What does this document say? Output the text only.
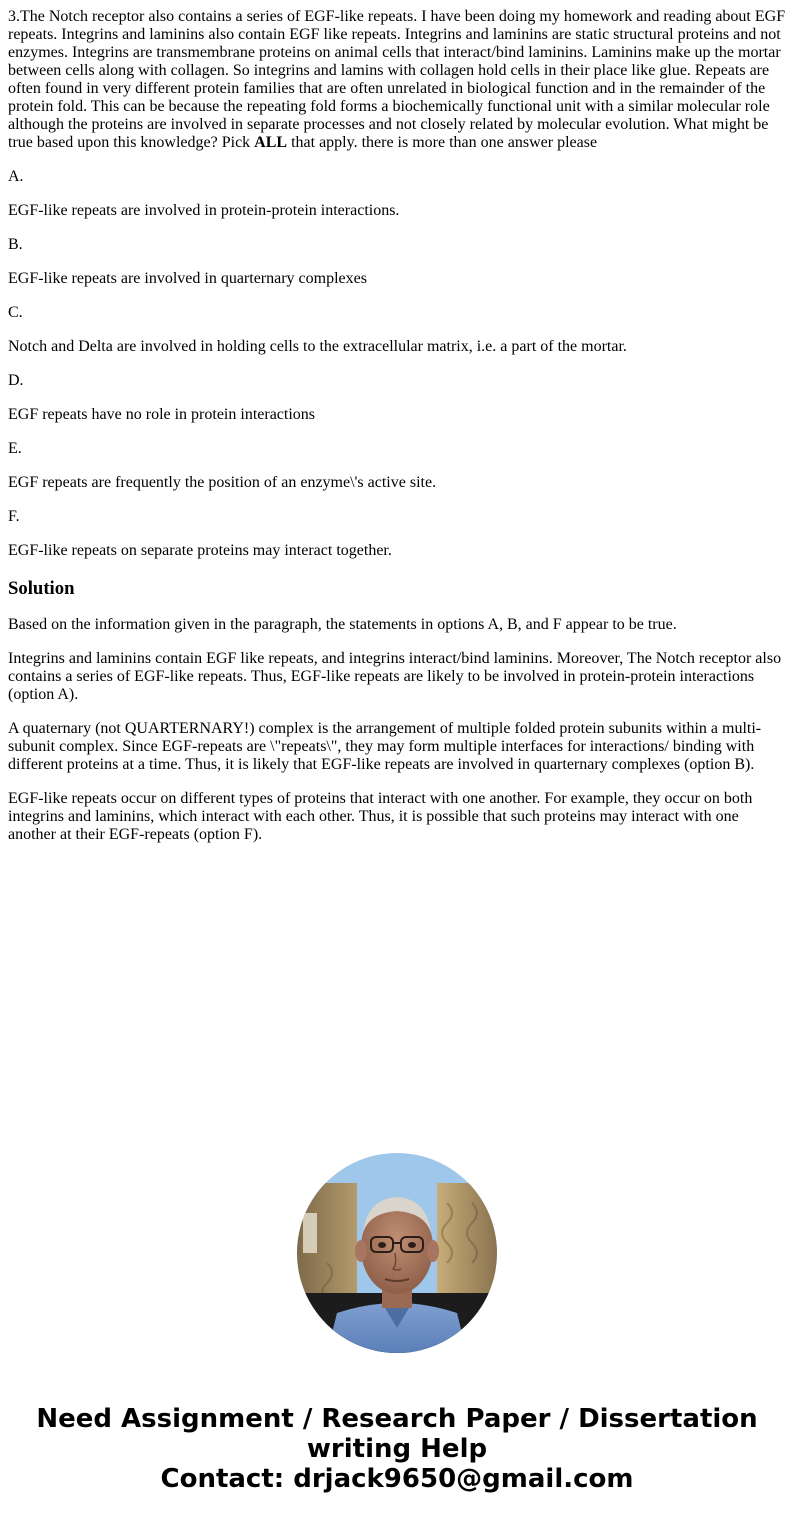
3.The Notch receptor also contains a series of EGF-like repeats. I have been doing my homework and reading about EGF repeats. Integrins and laminins also contain EGF like repeats. Integrins and laminins are static structural proteins and not enzymes. Integrins are transmembrane proteins on animal cells that interact/bind laminins. Laminins make up the mortar between cells along with collagen. So integrins and lamins with collagen hold cells in their place like glue. Repeats are often found in very different protein families that are often unrelated in biological function and in the remainder of the protein fold. This can be because the repeating fold forms a biochemically functional unit with a similar molecular role although the proteins are involved in separate processes and not closely related by molecular evolution. What might be true based upon this knowledge? Pick ALL that apply. there is more than one answer please

A.

EGF-like repeats are involved in protein-protein interactions.

B.

EGF-like repeats are involved in quarternary complexes

C.

Notch and Delta are involved in holding cells to the extracellular matrix, i.e. a part of the mortar.

D.

EGF repeats have no role in protein interactions

E.

EGF repeats are frequently the position of an enzyme\'s active site.

F.

EGF-like repeats on separate proteins may interact together.

Solution

Based on the information given in the paragraph, the statements in options A, B, and F appear to be true.

Integrins and laminins contain EGF like repeats, and integrins interact/bind laminins. Moreover, The Notch receptor also contains a series of EGF-like repeats. Thus, EGF-like repeats are likely to be involved in protein-protein interactions (option A).

A quaternary (not QUARTERNARY!) complex is the arrangement of multiple folded protein subunits within a multi-subunit complex. Since EGF-repeats are \"repeats\", they may form multiple interfaces for interactions/ binding with different proteins at a time. Thus, it is likely that EGF-like repeats are involved in quarternary complexes (option B).

EGF-like repeats occur on different types of proteins that interact with one another. For example, they occur on both integrins and laminins, which interact with each other. Thus, it is possible that such proteins may interact with one another at their EGF-repeats (option F).

Need Assignment / Research Paper / Dissertation
writing Help
Contact: drjack9650@gmail.com
